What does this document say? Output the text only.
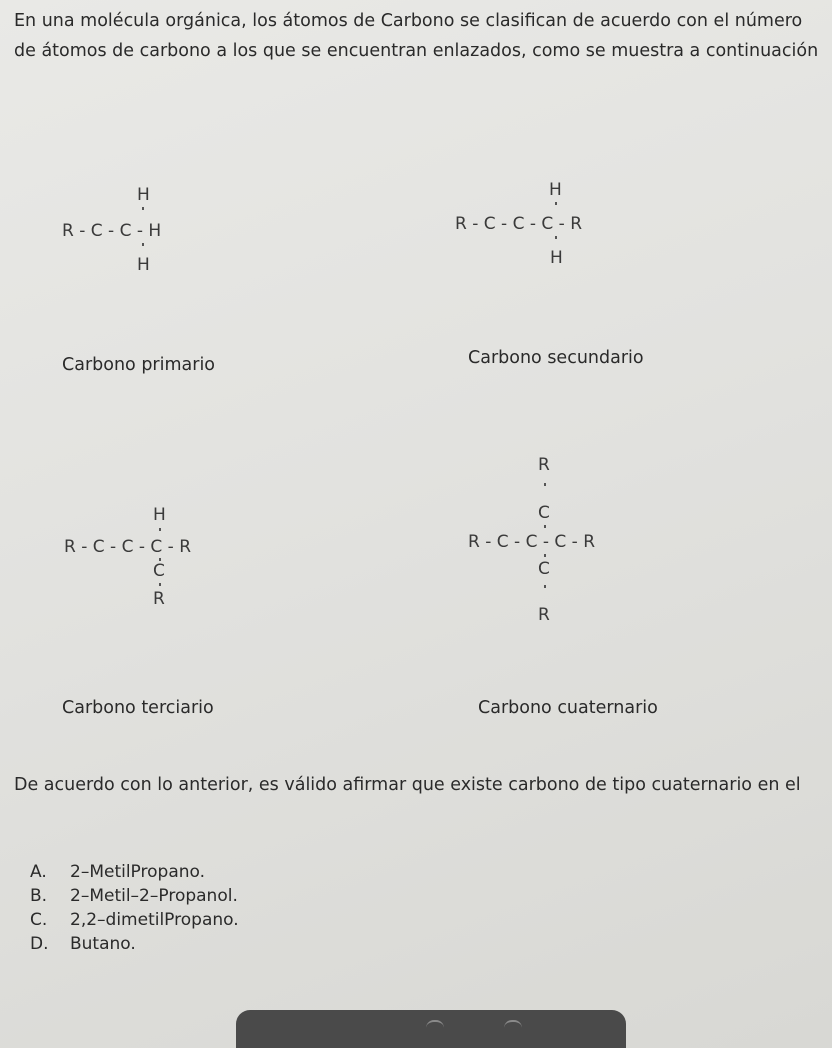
En una molécula orgánica, los átomos de Carbono se clasifican de acuerdo con el número de átomos de carbono a los que se encuentran enlazados, como se muestra a continuación

H
R - C - C - H
H
H
R - C - C - C - R
H
Carbono primario	Carbono secundario
H
R - C - C - C - R
C
R
R
C
R - C - C - C - R
C
R
Carbono terciario	Carbono cuaternario

De acuerdo con lo anterior, es válido afirmar que existe carbono de tipo cuaternario en el

A.	2–MetilPropano.
B.	2–Metil–2–Propanol.
C.	2,2–dimetilPropano.
D.	Butano.
